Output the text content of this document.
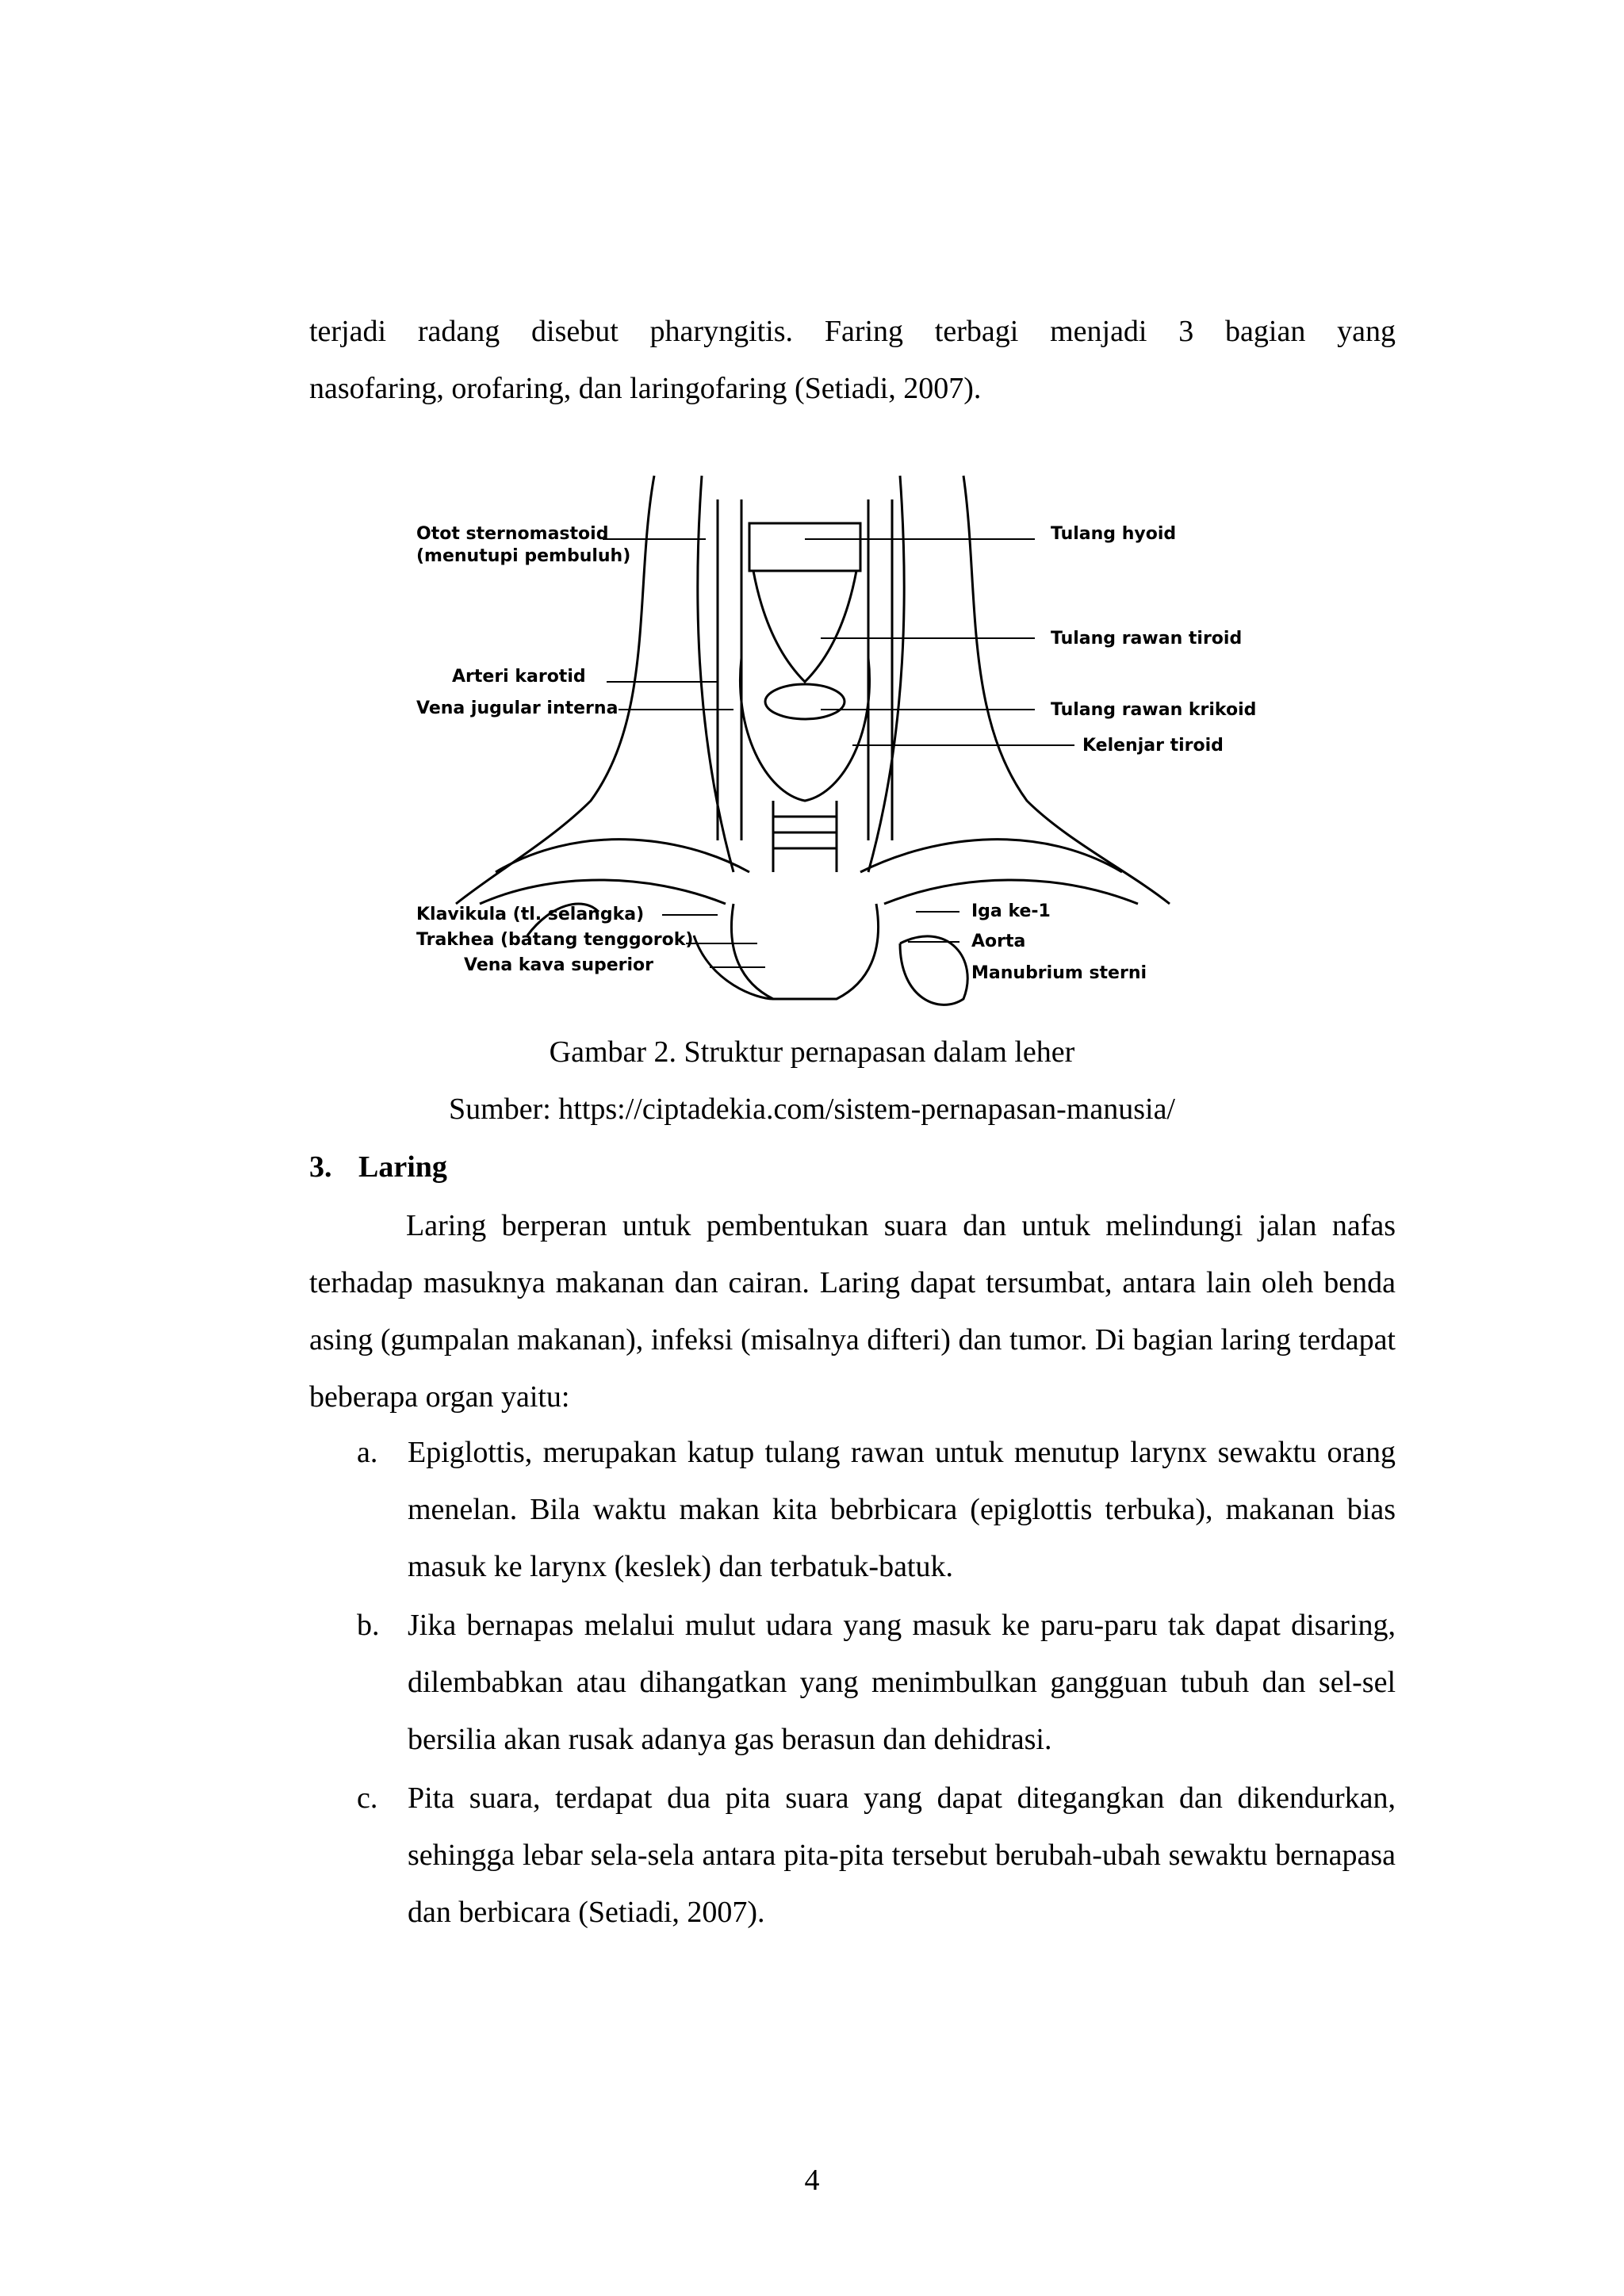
terjadi radang disebut pharyngitis. Faring terbagi menjadi 3 bagian yang

nasofaring, orofaring, dan laringofaring (Setiadi, 2007).

Otot sternomastoid
(menutupi pembuluh)
Arteri karotid
Vena jugular interna
Klavikula (tl. selangka)
Trakhea (batang tenggorok)
Vena kava superior
Tulang hyoid
Tulang rawan tiroid
Tulang rawan krikoid
Kelenjar tiroid
Iga ke-1
Aorta
Manubrium sterni

Gambar 2. Struktur pernapasan dalam leher

Sumber: https://ciptadekia.com/sistem-pernapasan-manusia/

3. Laring

Laring berperan untuk pembentukan suara dan untuk melindungi jalan nafas terhadap masuknya makanan dan cairan. Laring dapat tersumbat, antara lain oleh benda asing (gumpalan makanan), infeksi (misalnya difteri) dan tumor. Di bagian laring terdapat beberapa organ yaitu:

a. Epiglottis, merupakan katup tulang rawan untuk menutup larynx sewaktu orang menelan. Bila waktu makan kita bebrbicara (epiglottis terbuka), makanan bias masuk ke larynx (keslek) dan terbatuk-batuk.
b. Jika bernapas melalui mulut udara yang masuk ke paru-paru tak dapat disaring, dilembabkan atau dihangatkan yang menimbulkan gangguan tubuh dan sel-sel bersilia akan rusak adanya gas berasun dan dehidrasi.
c. Pita suara, terdapat dua pita suara yang dapat ditegangkan dan dikendurkan, sehingga lebar sela-sela antara pita-pita tersebut berubah-ubah sewaktu bernapasa dan berbicara (Setiadi, 2007).
4
